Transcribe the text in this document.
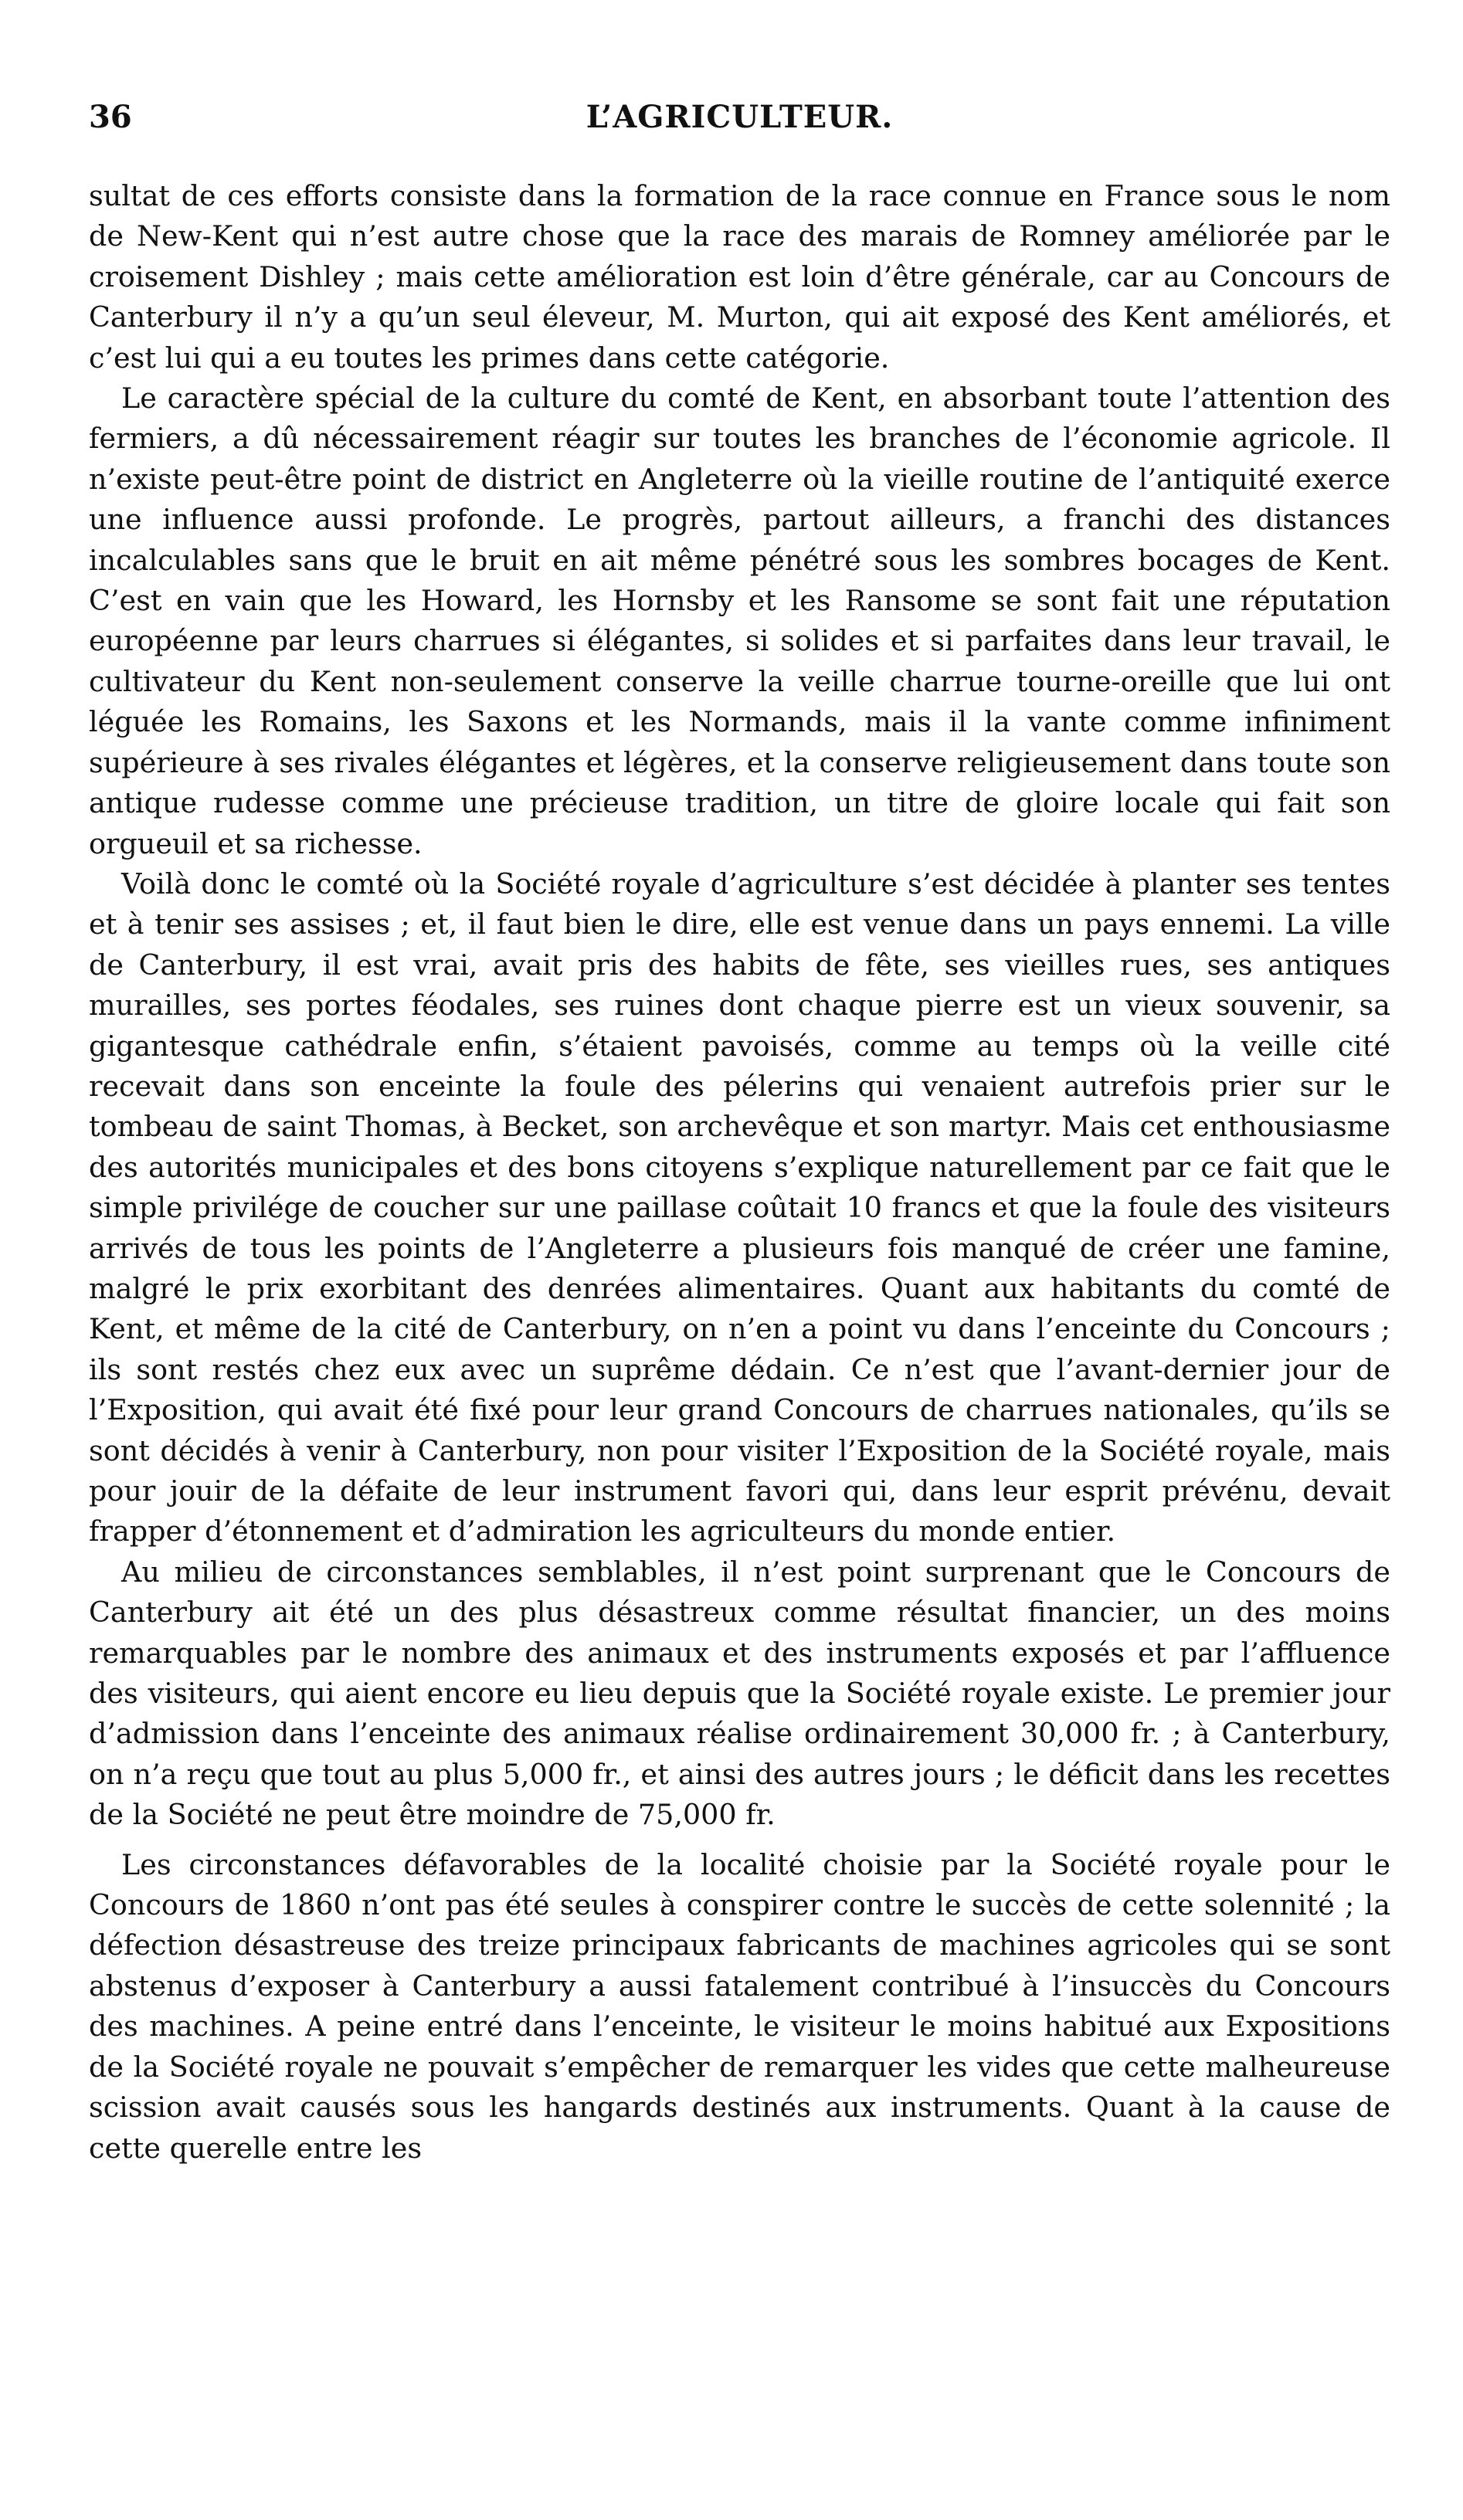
36	L’AGRICULTEUR.

sultat de ces efforts consiste dans la formation de la race connue en France sous le nom de New-Kent qui n’est autre chose que la race des marais de Romney améliorée par le croisement Dishley ; mais cette amélioration est loin d’être générale, car au Concours de Canterbury il n’y a qu’un seul éleveur, M. Murton, qui ait exposé des Kent améliorés, et c’est lui qui a eu toutes les primes dans cette catégorie.

Le caractère spécial de la culture du comté de Kent, en absorbant toute l’attention des fermiers, a dû nécessairement réagir sur toutes les branches de l’économie agricole. Il n’existe peut-être point de district en Angleterre où la vieille routine de l’antiquité exerce une influence aussi profonde. Le progrès, partout ailleurs, a franchi des distances incalculables sans que le bruit en ait même pénétré sous les sombres bocages de Kent. C’est en vain que les Howard, les Hornsby et les Ransome se sont fait une réputation européenne par leurs charrues si élégantes, si solides et si parfaites dans leur travail, le cultivateur du Kent non-seulement conserve la veille charrue tourne-oreille que lui ont léguée les Romains, les Saxons et les Normands, mais il la vante comme infiniment supérieure à ses rivales élégantes et légères, et la conserve religieusement dans toute son antique rudesse comme une précieuse tradition, un titre de gloire locale qui fait son orgueuil et sa richesse.

Voilà donc le comté où la Société royale d’agriculture s’est décidée à planter ses tentes et à tenir ses assises ; et, il faut bien le dire, elle est venue dans un pays ennemi. La ville de Canterbury, il est vrai, avait pris des habits de fête, ses vieilles rues, ses antiques murailles, ses portes féodales, ses ruines dont chaque pierre est un vieux souvenir, sa gigantesque cathédrale enfin, s’étaient pavoisés, comme au temps où la veille cité recevait dans son enceinte la foule des pélerins qui venaient autrefois prier sur le tombeau de saint Thomas, à Becket, son archevêque et son martyr. Mais cet enthousiasme des autorités municipales et des bons citoyens s’explique naturellement par ce fait que le simple privilége de coucher sur une paillase coûtait 10 francs et que la foule des visiteurs arrivés de tous les points de l’Angleterre a plusieurs fois manqué de créer une famine, malgré le prix exorbitant des denrées alimentaires. Quant aux habitants du comté de Kent, et même de la cité de Canterbury, on n’en a point vu dans l’enceinte du Concours ; ils sont restés chez eux avec un suprême dédain. Ce n’est que l’avant-dernier jour de l’Exposition, qui avait été fixé pour leur grand Concours de charrues nationales, qu’ils se sont décidés à venir à Canterbury, non pour visiter l’Exposition de la Société royale, mais pour jouir de la défaite de leur instrument favori qui, dans leur esprit prévénu, devait frapper d’étonnement et d’admiration les agriculteurs du monde entier.

Au milieu de circonstances semblables, il n’est point surprenant que le Concours de Canterbury ait été un des plus désastreux comme résultat financier, un des moins remarquables par le nombre des animaux et des instruments exposés et par l’affluence des visiteurs, qui aient encore eu lieu depuis que la Société royale existe. Le premier jour d’admission dans l’enceinte des animaux réalise ordinairement 30,000 fr. ; à Canterbury, on n’a reçu que tout au plus 5,000 fr., et ainsi des autres jours ; le déficit dans les recettes de la Société ne peut être moindre de 75,000 fr.

Les circonstances défavorables de la localité choisie par la Société royale pour le Concours de 1860 n’ont pas été seules à conspirer contre le succès de cette solennité ; la défection désastreuse des treize principaux fabricants de machines agricoles qui se sont abstenus d’exposer à Canterbury a aussi fatalement contribué à l’insuccès du Concours des machines. A peine entré dans l’enceinte, le visiteur le moins habitué aux Expositions de la Société royale ne pouvait s’empêcher de remarquer les vides que cette malheureuse scission avait causés sous les hangards destinés aux instruments. Quant à la cause de cette querelle entre les
